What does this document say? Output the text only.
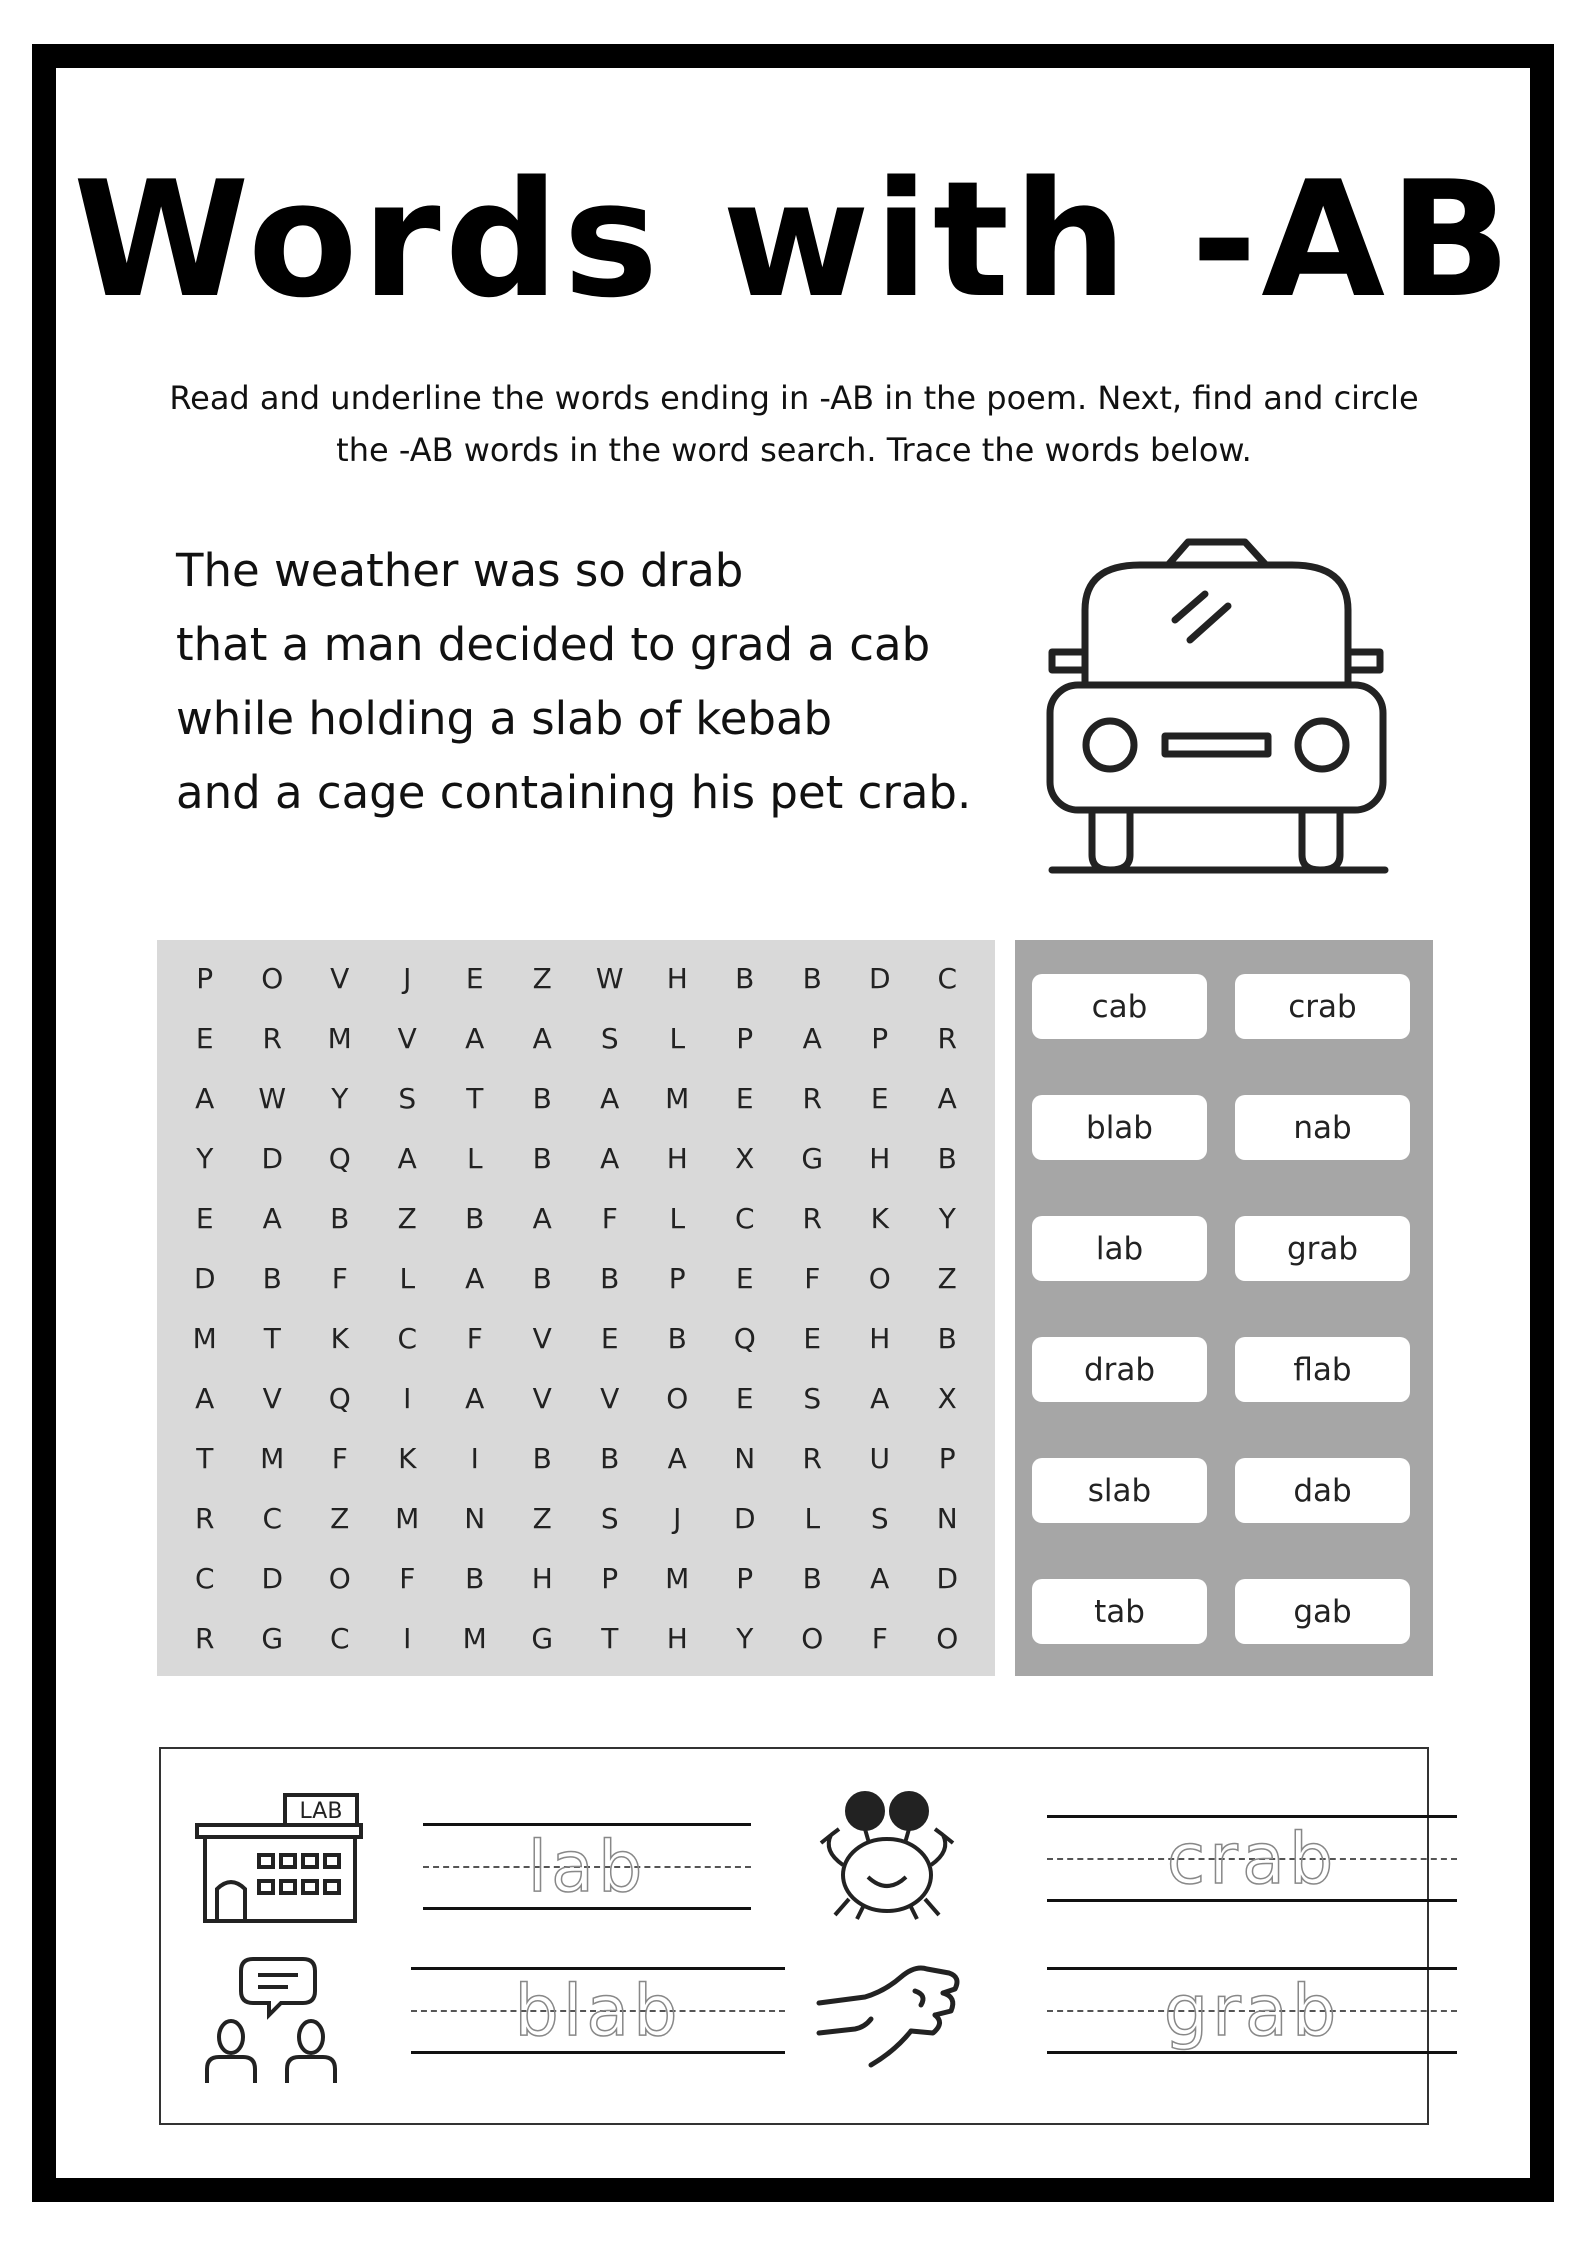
Words with -AB
Read and underline the words ending in -AB in the poem. Next, find and circle the -AB words in the word search. Trace the words below.
The weather was so drab
that a man decided to grad a cab
while holding a slab of kebab
and a cage containing his pet crab.
P	O	V	J	E	Z	W	H	B	B	D	C
E	R	M	V	A	A	S	L	P	A	P	R
A	W	Y	S	T	B	A	M	E	R	E	A
Y	D	Q	A	L	B	A	H	X	G	H	B
E	A	B	Z	B	A	F	L	C	R	K	Y
D	B	F	L	A	B	B	P	E	F	O	Z
M	T	K	C	F	V	E	B	Q	E	H	B
A	V	Q	I	A	V	V	O	E	S	A	X
T	M	F	K	I	B	B	A	N	R	U	P
R	C	Z	M	N	Z	S	J	D	L	S	N
C	D	O	F	B	H	P	M	P	B	A	D
R	G	C	I	M	G	T	H	Y	O	F	O
cab	crab
blab	nab
lab	grab
drab	flab
slab	dab
tab	gab
LAB
lab	crab
blab	grab
